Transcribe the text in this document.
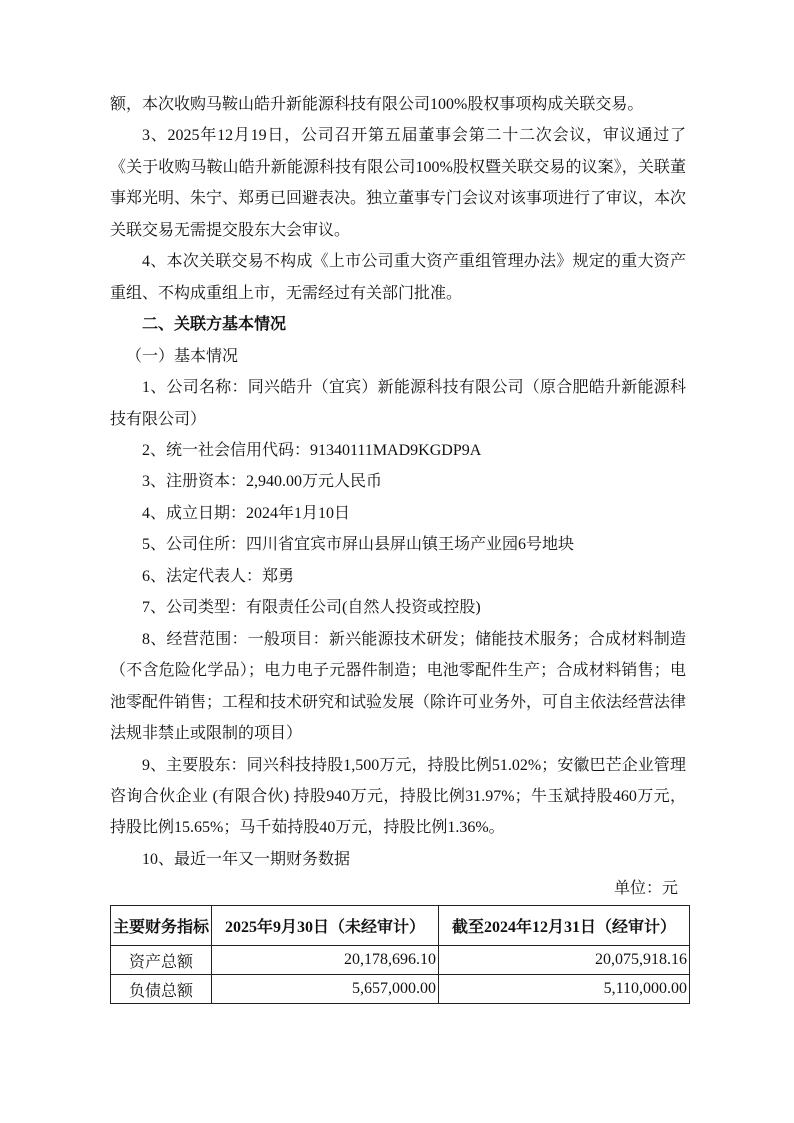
额，本次收购马鞍山皓升新能源科技有限公司100%股权事项构成关联交易。

3、2025年12月19日，公司召开第五届董事会第二十二次会议，审议通过了《关于收购马鞍山皓升新能源科技有限公司100%股权暨关联交易的议案》，关联董事郑光明、朱宁、郑勇已回避表决。独立董事专门会议对该事项进行了审议，本次关联交易无需提交股东大会审议。

4、本次关联交易不构成《上市公司重大资产重组管理办法》规定的重大资产重组、不构成重组上市，无需经过有关部门批准。

二、关联方基本情况

（一）基本情况

1、公司名称：同兴皓升（宜宾）新能源科技有限公司（原合肥皓升新能源科技有限公司）

2、统一社会信用代码：91340111MAD9KGDP9A

3、注册资本：2,940.00万元人民币

4、成立日期：2024年1月10日

5、公司住所：四川省宜宾市屏山县屏山镇王场产业园6号地块

6、法定代表人：郑勇

7、公司类型：有限责任公司(自然人投资或控股)

8、经营范围：一般项目：新兴能源技术研发；储能技术服务；合成材料制造（不含危险化学品）；电力电子元器件制造；电池零配件生产；合成材料销售；电池零配件销售；工程和技术研究和试验发展（除许可业务外，可自主依法经营法律法规非禁止或限制的项目）

9、主要股东：同兴科技持股1,500万元，持股比例51.02%；安徽巴芒企业管理咨询合伙企业 (有限合伙) 持股940万元，持股比例31.97%；牛玉斌持股460万元，持股比例15.65%；马千茹持股40万元，持股比例1.36%。

10、最近一年又一期财务数据

单位：元

主要财务指标	2025年9月30日（未经审计）	截至2024年12月31日（经审计）
资产总额	20,178,696.10	20,075,918.16
负债总额	5,657,000.00	5,110,000.00
